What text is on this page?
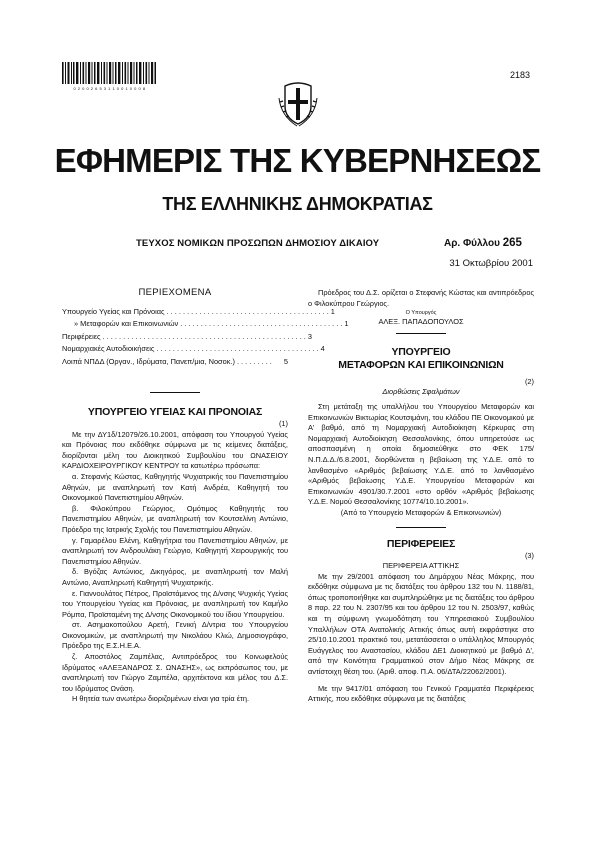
0 2 0 0 2 6 5 3 1 1 0 0 1 0 0 0 8
2183
ΕΦΗΜΕΡΙΣ ΤΗΣ ΚΥΒΕΡΝΗΣΕΩΣ
ΤΗΣ ΕΛΛΗΝΙΚΗΣ ΔΗΜΟΚΡΑΤΙΑΣ
ΤΕΥΧΟΣ ΝΟΜΙΚΩΝ ΠΡΟΣΩΠΩΝ ΔΗΜΟΣΙΟΥ ΔΙΚΑΙΟΥ	Αρ. Φύλλου 265
31 Οκτωβρίου 2001
ΠΕΡΙΕΧΟΜΕΝΑ
Υπουργείο Υγείας και Πρόνοιας . . . . . . . . . . . . . . . . . . . . . . . . . . . . . . . . . . . . . . . . 1
» Μεταφορών και Επικοινωνιών . . . . . . . . . . . . . . . . . . . . . . . . . . . . . . . . . . . . . . . . 1
Περιφέρειες . . . . . . . . . . . . . . . . . . . . . . . . . . . . . . . . . . . . . . . . . . . . . . . . . . 3
Νομαρχιακές Αυτοδιοικήσεις . . . . . . . . . . . . . . . . . . . . . . . . . . . . . . . . . . . . . . . . 4
Λοιπά ΝΠΔΔ (Οργαν., Ιδρύματα, Πανεπ/μια, Νοσοκ.) . . . . . . . . .	5
ΥΠΟΥΡΓΕΙΟ ΥΓΕΙΑΣ ΚΑΙ ΠΡΟΝΟΙΑΣ
(1)

Με την ΔΥ1δ/12079/26.10.2001, απόφαση του Υπουργού Υγείας και Πρόνοιας που εκδόθηκε σύμφωνα με τις κείμενες διατάξεις, διορίζονται μέλη του Διοικητικού Συμβουλίου του ΩΝΑΣΕΙΟΥ ΚΑΡΔΙΟΧΕΙΡΟΥΡΓΙΚΟΥ ΚΕΝΤΡΟΥ τα κατωτέρω πρόσωπα:

α. Στεφανής Κώστας, Καθηγητής Ψυχιατρικής του Πανεπιστημίου Αθηνών, με αναπληρωτή τον Κατή Ανδρέα, Καθηγητή του Οικονομικού Πανεπιστημίου Αθηνών.

β. Φιλοκύπρου Γεώργιος, Ομότιμος Καθηγητής του Πανεπιστημίου Αθηνών, με αναπληρωτή τον Κουτσελίνη Αντώνιο, Πρόεδρο της Ιατρικής Σχολής του Πανεπιστημίου Αθηνών.

γ. Γαμαρέλου Ελένη, Καθηγήτρια του Πανεπιστημίου Αθηνών, με αναπληρωτή τον Ανδρουλάκη Γεώργιο, Καθηγητή Χειρουργικής του Πανεπιστημίου Αθηνών.

δ. Βγόζας Αντώνιος, Δικηγόρος, με αναπληρωτή τον Μαλή Αντώνιο, Αναπληρωτή Καθηγητή Ψυχιατρικής.

ε. Γιαννουλάτος Πέτρος, Προϊστάμενος της Δ/νσης Ψυχικής Υγείας του Υπουργείου Υγείας και Πρόνοιας, με αναπληρωτή τον Καμήλο Ρόμπα, Προϊσταμένη της Δ/νσης Οικονομικού του ίδιου Υπουργείου.

στ. Ασημακοπούλου Αρετή, Γενική Δ/ντρια του Υπουργείου Οικονομικών, με αναπληρωτή την Νικολάου Κλιώ, Δημοσιογράφο, Πρόεδρο της Ε.Σ.Η.Ε.Α.

ζ. Αποστόλος Ζαμπέλας, Αντιπρόεδρος του Κοινωφελούς Ιδρύματος «ΑΛΕΞΑΝΔΡΟΣ Σ. ΩΝΑΣΗΣ», ως εκπρόσωπος του, με αναπληρωτή τον Γιώργο Ζαμπέλα, αρχιτέκτονα και μέλος του Δ.Σ. του Ιδρύματος Ωνάση.

Η θητεία των ανωτέρω διοριζομένων είναι για τρία έτη.

Πρόεδρος του Δ.Σ. ορίζεται ο Στεφανής Κώστας και αντιπρόεδρος ο Φιλοκύπρου Γεώργιος.

Ο Υπουργός
ΑΛΕΞ. ΠΑΠΑΔΟΠΟΥΛΟΣ
ΥΠΟΥΡΓΕΙΟ
ΜΕΤΑΦΟΡΩΝ ΚΑΙ ΕΠΙΚΟΙΝΩΝΙΩΝ
(2)
Διορθώσεις Σφαλμάτων

Στη μετάταξη της υπαλλήλου του Υπουργείου Μεταφορών και Επικοινωνιών Βικτωρίας Κουτσιμάνη, του κλάδου ΠΕ Οικονομικού με Α' βαθμό, από τη Νομαρχιακή Αυτοδιοίκηση Κέρκυρας στη Νομαρχιακή Αυτοδιοίκηση Θεσσαλονίκης, όπου υπηρετούσε ως αποσπασμένη η οποία δημοσιεύθηκε στο ΦΕΚ 175/Ν.Π.Δ.Δ./6.8.2001, διορθώνεται η βεβαίωση της Υ.Δ.Ε. από το λανθασμένο «Αριθμός βεβαίωσης Υ.Δ.Ε. από το λανθασμένο «Αριθμός βεβαίωσης Υ.Δ.Ε. Υπουργείου Μεταφορών και Επικοινωνιών 4901/30.7.2001 «στο ορθόν «Αριθμός βεβαίωσης Υ.Δ.Ε. Νομού Θεσσαλονίκης 10774/10.10.2001».

(Από το Υπουργείο Μεταφορών & Επικοινωνιών)
ΠΕΡΙΦΕΡΕΙΕΣ
(3)
ΠΕΡΙΦΕΡΕΙΑ ΑΤΤΙΚΗΣ

Με την 29/2001 απόφαση του Δημάρχου Νέας Μάκρης, που εκδόθηκε σύμφωνα με τις διατάξεις του άρθρου 132 του Ν. 1188/81, όπως τροποποιήθηκε και συμπληρώθηκε με τις διατάξεις του άρθρου 8 παρ. 22 του Ν. 2307/95 και του άρθρου 12 του Ν. 2503/97, καθώς και τη σύμφωνη γνωμοδότηση του Υπηρεσιακού Συμβουλίου Υπαλλήλων ΟΤΑ Ανατολικής Αττικής όπως αυτή εκφράστηκε στο 25/10.10.2001 πρακτικό του, μετατάσσεται ο υπάλληλος Μπουργιός Ευάγγελος του Αναστασίου, κλάδου ΔΕ1 Διοικητικού με βαθμό Δ', από την Κοινότητα Γραμματικού στον Δήμο Νέας Μάκρης σε αντίστοιχη θέση του. (Αριθ. αποφ. Π.Α. 06/ΔΤΑ/22062/2001).

Με την 9417/01 απόφαση του Γενικού Γραμματέα Περιφέρειας Αττικής, που εκδόθηκε σύμφωνα με τις διατάξεις
